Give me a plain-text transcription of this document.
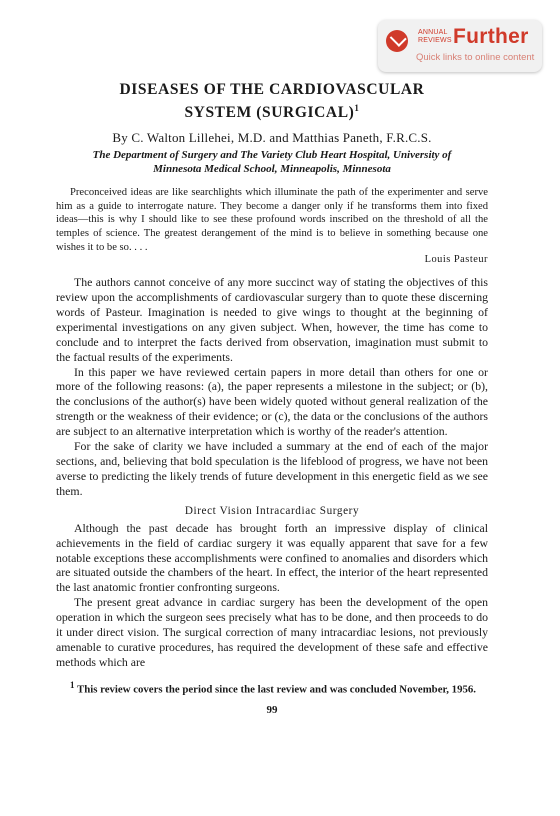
ANNUAL
REVIEWS Further
Quick links to online content
DISEASES OF THE CARDIOVASCULAR
SYSTEM (SURGICAL)$^1$
By C. Walton Lillehei, M.D. and Matthias Paneth, F.R.C.S.
The Department of Surgery and The Variety Club Heart Hospital, University of
Minnesota Medical School, Minneapolis, Minnesota
Preconceived ideas are like searchlights which illuminate the path of the experimenter and serve him as a guide to interrogate nature. They become a danger only if he transforms them into fixed ideas—this is why I should like to see these profound words inscribed on the threshold of all the temples of science. The greatest derangement of the mind is to believe in something because one wishes it to be so. . . .
Louis Pasteur

The authors cannot conceive of any more succinct way of stating the objectives of this review upon the accomplishments of cardiovascular surgery than to quote these discerning words of Pasteur. Imagination is needed to give wings to thought at the beginning of experimental investigations on any given subject. When, however, the time has come to conclude and to interpret the facts derived from observation, imagination must submit to the factual results of the experiments.

In this paper we have reviewed certain papers in more detail than others for one or more of the following reasons: (a), the paper represents a milestone in the subject; or (b), the conclusions of the author(s) have been widely quoted without general realization of the strength or the weakness of their evidence; or (c), the data or the conclusions of the authors are subject to an alternative interpretation which is worthy of the reader's attention.

For the sake of clarity we have included a summary at the end of each of the major sections, and, believing that bold speculation is the lifeblood of progress, we have not been averse to predicting the likely trends of future development in this energetic field as we see them.

Direct Vision Intracardiac Surgery

Although the past decade has brought forth an impressive display of clinical achievements in the field of cardiac surgery it was equally apparent that save for a few notable exceptions these accomplishments were confined to anomalies and disorders which are situated outside the chambers of the heart. In effect, the interior of the heart represented the last anatomic frontier confronting surgeons.

The present great advance in cardiac surgery has been the development of the open operation in which the surgeon sees precisely what has to be done, and then proceeds to do it under direct vision. The surgical correction of many intracardiac lesions, not previously amenable to curative procedures, has required the development of these safe and effective methods which are

$^1$ This review covers the period since the last review and was concluded November, 1956.
99
